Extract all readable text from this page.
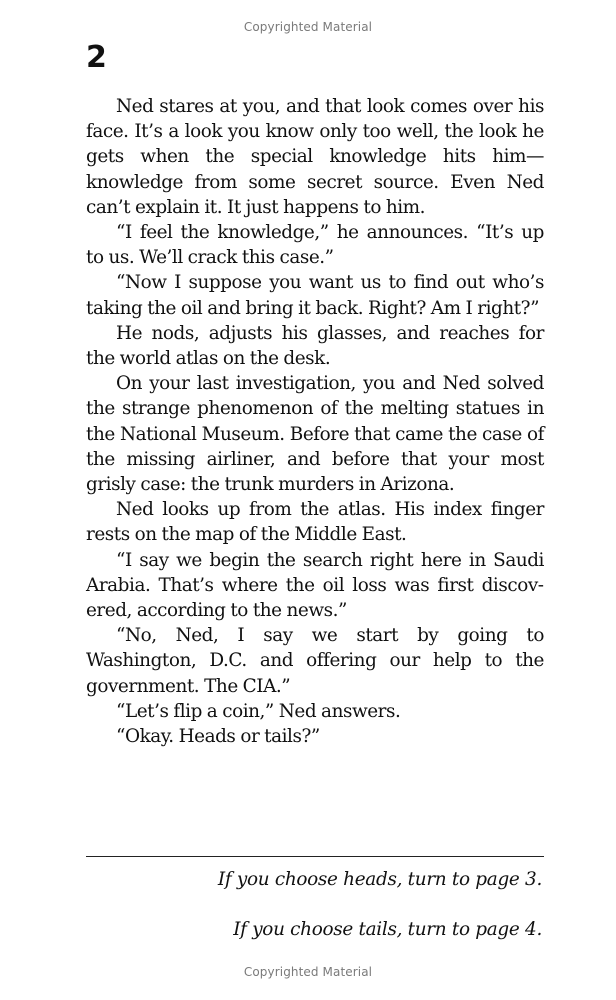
Copyrighted Material
2

Ned stares at you, and that look comes over his face. It’s a look you know only too well, the look he gets when the special knowledge hits him—knowledge from some secret source. Even Ned can’t explain it. It just happens to him.

“I feel the knowledge,” he announces. “It’s up to us. We’ll crack this case.”

“Now I suppose you want us to find out who’s taking the oil and bring it back. Right? Am I right?”

He nods, adjusts his glasses, and reaches for the world atlas on the desk.

On your last investigation, you and Ned solved the strange phenomenon of the melting statues in the National Museum. Before that came the case of the missing airliner, and before that your most grisly case: the trunk murders in Arizona.

Ned looks up from the atlas. His index finger rests on the map of the Middle East.

“I say we begin the search right here in Saudi Arabia. That’s where the oil loss was first discovered, according to the news.”

“No, Ned, I say we start by going to Washington, D.C. and offering our help to the government. The CIA.”

“Let’s flip a coin,” Ned answers.

“Okay. Heads or tails?”

If you choose heads, turn to page 3.
If you choose tails, turn to page 4.
Copyrighted Material
